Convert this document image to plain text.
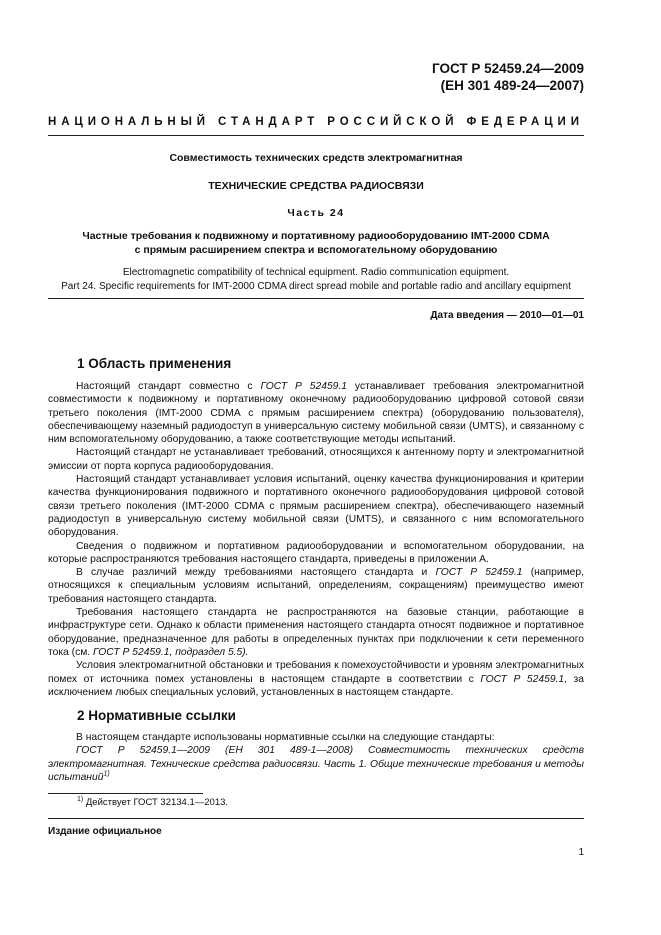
ГОСТ Р 52459.24—2009
(ЕН 301 489-24—2007)
НАЦИОНАЛЬНЫЙ СТАНДАРТ РОССИЙСКОЙ ФЕДЕРАЦИИ
Совместимость технических средств электромагнитная
ТЕХНИЧЕСКИЕ СРЕДСТВА РАДИОСВЯЗИ
Часть 24
Частные требования к подвижному и портативному радиооборудованию IMT-2000 CDMA
с прямым расширением спектра и вспомогательному оборудованию
Electromagnetic compatibility of technical equipment. Radio communication equipment.
Part 24. Specific requirements for IMT-2000 CDMA direct spread mobile and portable radio and ancillary equipment
Дата введения — 2010—01—01
1 Область применения

Настоящий стандарт совместно с ГОСТ Р 52459.1 устанавливает требования электромагнитной совместимости к подвижному и портативному оконечному радиооборудованию цифровой сотовой связи третьего поколения (IMT-2000 CDMA с прямым расширением спектра) (оборудованию пользователя), обеспечивающему наземный радиодоступ в универсальную систему мобильной связи (UMTS), и связанному с ним вспомогательному оборудованию, а также соответствующие методы испытаний.

Настоящий стандарт не устанавливает требований, относящихся к антенному порту и электромагнитной эмиссии от порта корпуса радиооборудования.

Настоящий стандарт устанавливает условия испытаний, оценку качества функционирования и критерии качества функционирования подвижного и портативного оконечного радиооборудования цифровой сотовой связи третьего поколения (IMT-2000 CDMA с прямым расширением спектра), обеспечивающего наземный радиодоступ в универсальную систему мобильной связи (UMTS), и связанного с ним вспомогательного оборудования.

Сведения о подвижном и портативном радиооборудовании и вспомогательном оборудовании, на которые распространяются требования настоящего стандарта, приведены в приложении А.

В случае различий между требованиями настоящего стандарта и ГОСТ Р 52459.1 (например, относящихся к специальным условиям испытаний, определениям, сокращениям) преимущество имеют требования настоящего стандарта.

Требования настоящего стандарта не распространяются на базовые станции, работающие в инфраструктуре сети. Однако к области применения настоящего стандарта относят подвижное и портативное оборудование, предназначенное для работы в определенных пунктах при подключении к сети переменного тока (см. ГОСТ Р 52459.1, подраздел 5.5).

Условия электромагнитной обстановки и требования к помехоустойчивости и уровням электромагнитных помех от источника помех установлены в настоящем стандарте в соответствии с ГОСТ Р 52459.1, за исключением любых специальных условий, установленных в настоящем стандарте.

2 Нормативные ссылки

В настоящем стандарте использованы нормативные ссылки на следующие стандарты:

ГОСТ Р 52459.1—2009 (ЕН 301 489-1—2008) Совместимость технических средств электромагнитная. Технические средства радиосвязи. Часть 1. Общие технические требования и методы испытаний$^{1)}$

$^{1)}$ Действует ГОСТ 32134.1—2013.
Издание официальное
1
